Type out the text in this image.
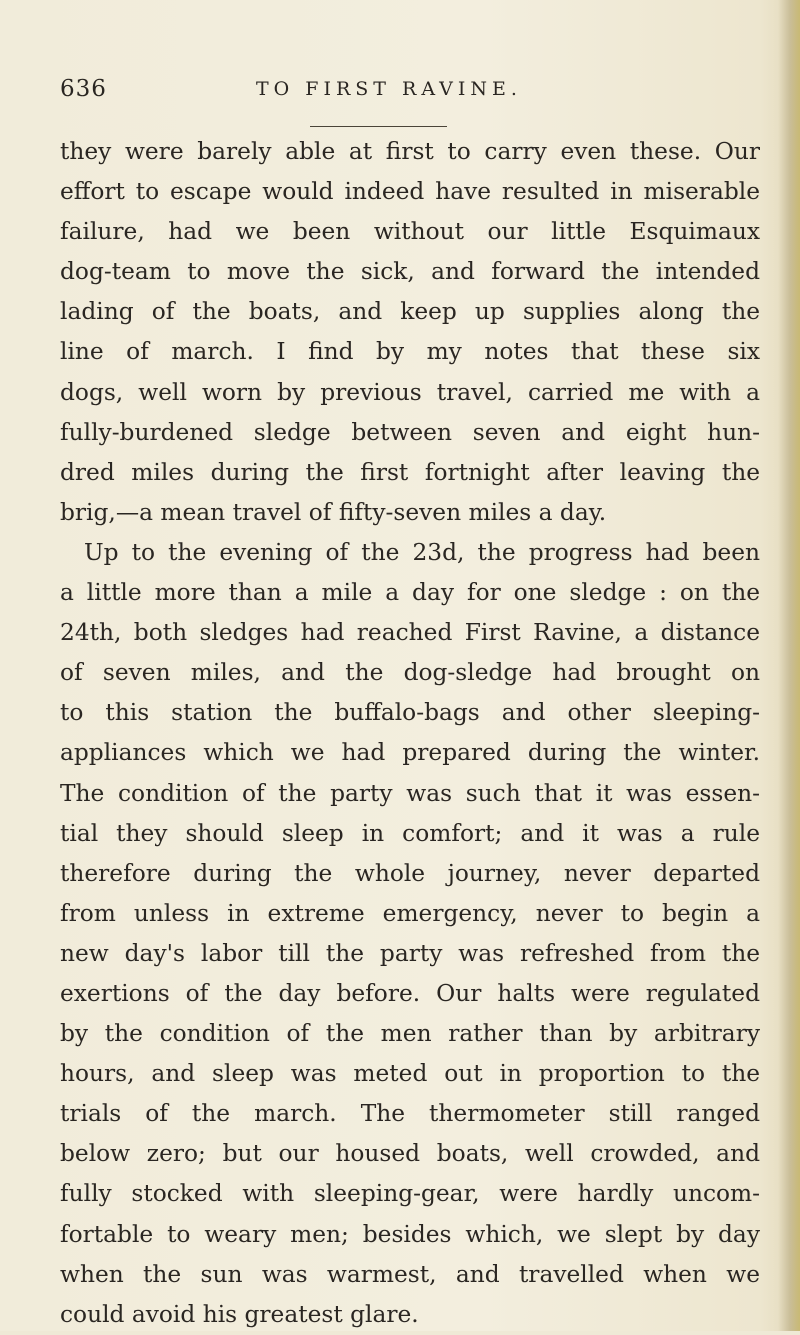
636	TO FIRST RAVINE.
they were barely able at first to carry even these. Our
effort to escape would indeed have resulted in miserable
failure, had we been without our little Esquimaux
dog-team to move the sick, and forward the intended
lading of the boats, and keep up supplies along the
line of march. I find by my notes that these six
dogs, well worn by previous travel, carried me with a
fully-burdened sledge between seven and eight hun-
dred miles during the first fortnight after leaving the
brig,—a mean travel of fifty-seven miles a day.
Up to the evening of the 23d, the progress had been
a little more than a mile a day for one sledge : on the
24th, both sledges had reached First Ravine, a distance
of seven miles, and the dog-sledge had brought on
to this station the buffalo-bags and other sleeping-
appliances which we had prepared during the winter.
The condition of the party was such that it was essen-
tial they should sleep in comfort; and it was a rule
therefore during the whole journey, never departed
from unless in extreme emergency, never to begin a
new day's labor till the party was refreshed from the
exertions of the day before. Our halts were regulated
by the condition of the men rather than by arbitrary
hours, and sleep was meted out in proportion to the
trials of the march. The thermometer still ranged
below zero; but our housed boats, well crowded, and
fully stocked with sleeping-gear, were hardly uncom-
fortable to weary men; besides which, we slept by day
when the sun was warmest, and travelled when we
could avoid his greatest glare.
